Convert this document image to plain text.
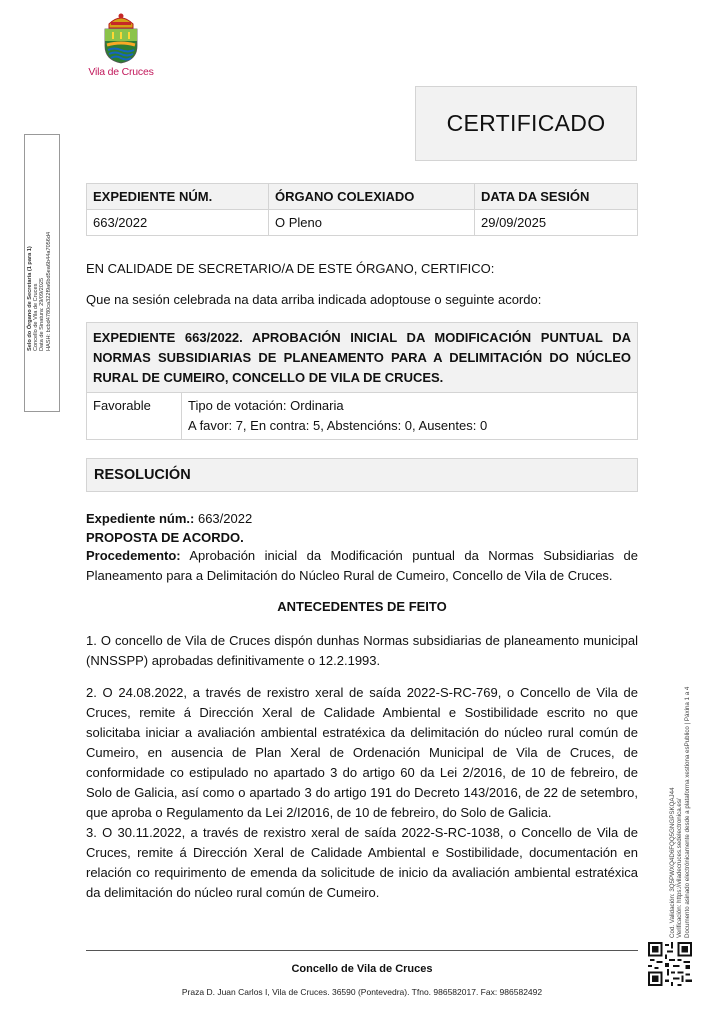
Vila de Cruces
CERTIFICADO
Selo do Órgano de Secretaría (1 para 1) Concello de Vila de Cruces Data de Sinatura: 29/09/2025 HASH: bcbd4780ca322f9a6bd5ea6b44a7056d4
EXPEDIENTE NÚM.	ÓRGANO COLEXIADO	DATA DA SESIÓN
663/2022	O Pleno	29/09/2025
EN CALIDADE DE SECRETARIO/A DE ESTE ÓRGANO, CERTIFICO:
Que na sesión celebrada na data arriba indicada adoptouse o seguinte acordo:
EXPEDIENTE 663/2022. APROBACIÓN INICIAL DA MODIFICACIÓN PUNTUAL DA NORMAS SUBSIDIARIAS DE PLANEAMENTO PARA A DELIMITACIÓN DO NÚCLEO RURAL DE CUMEIRO, CONCELLO DE VILA DE CRUCES.
Favorable	Tipo de votación: Ordinaria
A favor: 7, En contra: 5, Abstencións: 0, Ausentes: 0
RESOLUCIÓN
Expediente núm.: 663/2022
PROPOSTA DE ACORDO.
Procedemento: Aprobación inicial da Modificación puntual da Normas Subsidiarias de Planeamento para a Delimitación do Núcleo Rural de Cumeiro, Concello de Vila de Cruces.
ANTECEDENTES DE FEITO
1. O concello de Vila de Cruces dispón dunhas Normas subsidiarias de planeamento municipal (NNSSPP) aprobadas definitivamente o 12.2.1993.
2. O 24.08.2022, a través de rexistro xeral de saída 2022-S-RC-769, o Concello de Vila de Cruces, remite á Dirección Xeral de Calidade Ambiental e Sostibilidade escrito no que solicitaba iniciar a avaliación ambiental estratéxica da delimitación do núcleo rural común de Cumeiro, en ausencia de Plan Xeral de Ordenación Municipal de Vila de Cruces, de conformidade co estipulado no apartado 3 do artigo 60 da Lei 2/2016, de 10 de febreiro, de Solo de Galicia, así como o apartado 3 do artigo 191 do Decreto 143/2016, de 22 de setembro, que aproba o Regulamento da Lei 2/I2016, de 10 de febreiro, do Solo de Galicia.
3. O 30.11.2022, a través de rexistro xeral de saída 2022-S-RC-1038, o Concello de Vila de Cruces, remite á Dirección Xeral de Calidade Ambiental e Sostibilidade, documentación en relación co requirimento de emenda da solicitude de inicio da avaliación ambiental estratéxica da delimitación do núcleo rural común de Cumeiro.
Concello de Vila de Cruces
Praza D. Juan Carlos I, Vila de Cruces. 36590 (Pontevedra). Tfno. 986582017. Fax: 986582492
Cod. Validación: 3Q5PWXQ4D6FQQ5GNGPSKQAJ44 Verificación: https://viladecruces.sedelectronica.es/ Documento asinado electrónicamente desde a plataforma xestiona esPublico | Páxina 1 a 4
